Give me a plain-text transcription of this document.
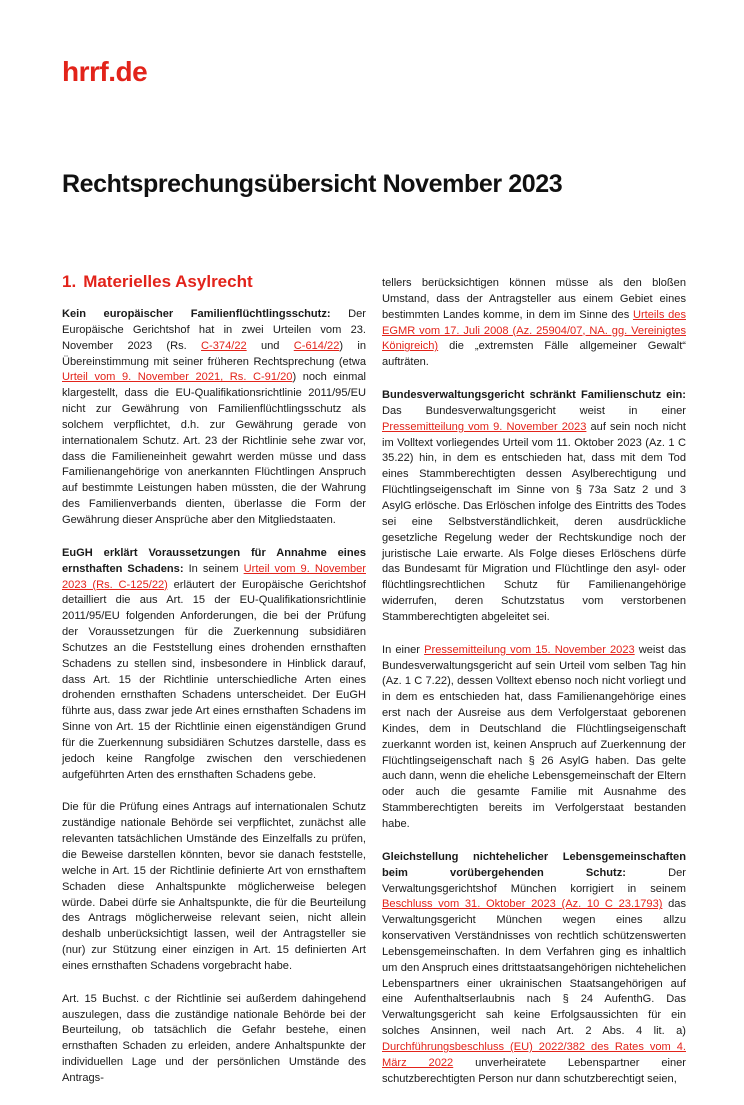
hrrf.de
Rechtsprechungsübersicht November 2023
1. Materielles Asylrecht

Kein europäischer Familienflüchtlingsschutz: Der Europäische Gerichtshof hat in zwei Urteilen vom 23. November 2023 (Rs. C-374/22 und C-614/22) in Übereinstimmung mit seiner früheren Rechtsprechung (etwa Urteil vom 9. November 2021, Rs. C-91/20) noch einmal klargestellt, dass die EU-Qualifikationsrichtlinie 2011/95/EU nicht zur Gewährung von Familienflüchtlingsschutz als solchem verpflichtet, d.h. zur Gewährung gerade von internationalem Schutz. Art. 23 der Richtlinie sehe zwar vor, dass die Familieneinheit gewahrt werden müsse und dass Familienangehörige von anerkannten Flüchtlingen Anspruch auf bestimmte Leistungen haben müssten, die der Wahrung des Familienverbands dienten, überlasse die Form der Gewährung dieser Ansprüche aber den Mitgliedstaaten.

EuGH erklärt Voraussetzungen für Annahme eines ernsthaften Schadens: In seinem Urteil vom 9. November 2023 (Rs. C-125/22) erläutert der Europäische Gerichtshof detailliert die aus Art. 15 der EU-Qualifikationsrichtlinie 2011/95/EU folgenden Anforderungen, die bei der Prüfung der Voraussetzungen für die Zuerkennung subsidiären Schutzes an die Feststellung eines drohenden ernsthaften Schadens zu stellen sind, insbesondere in Hinblick darauf, dass Art. 15 der Richtlinie unterschiedliche Arten eines drohenden ernsthaften Schadens unterscheidet. Der EuGH führte aus, dass zwar jede Art eines ernsthaften Schadens im Sinne von Art. 15 der Richtlinie einen eigenständigen Grund für die Zuerkennung subsidiären Schutzes darstelle, dass es jedoch keine Rangfolge zwischen den verschiedenen aufgeführten Arten des ernsthaften Schadens gebe.

Die für die Prüfung eines Antrags auf internationalen Schutz zuständige nationale Behörde sei verpflichtet, zunächst alle relevanten tatsächlichen Umstände des Einzelfalls zu prüfen, die Beweise darstellen könnten, bevor sie danach feststelle, welche in Art. 15 der Richtlinie definierte Art von ernsthaftem Schaden diese Anhaltspunkte möglicherweise belegen würde. Dabei dürfe sie Anhaltspunkte, die für die Beurteilung des Antrags möglicherweise relevant seien, nicht allein deshalb unberücksichtigt lassen, weil der Antragsteller sie (nur) zur Stützung einer einzigen in Art. 15 definierten Art eines ernsthaften Schadens vorgebracht habe.

Art. 15 Buchst. c der Richtlinie sei außerdem dahingehend auszulegen, dass die zuständige nationale Behörde bei der Beurteilung, ob tatsächlich die Gefahr bestehe, einen ernsthaften Schaden zu erleiden, andere Anhaltspunkte der individuellen Lage und der persönlichen Umstände des Antrags-

tellers berücksichtigen können müsse als den bloßen Umstand, dass der Antragsteller aus einem Gebiet eines bestimmten Landes komme, in dem im Sinne des Urteils des EGMR vom 17. Juli 2008 (Az. 25904/07, NA. gg. Vereinigtes Königreich) die „extremsten Fälle allgemeiner Gewalt“ aufträten.

Bundesverwaltungsgericht schränkt Familienschutz ein: Das Bundesverwaltungsgericht weist in einer Pressemitteilung vom 9. November 2023 auf sein noch nicht im Volltext vorliegendes Urteil vom 11. Oktober 2023 (Az. 1 C 35.22) hin, in dem es entschieden hat, dass mit dem Tod eines Stammberechtigten dessen Asylberechtigung und Flüchtlingseigenschaft im Sinne von § 73a Satz 2 und 3 AsylG erlösche. Das Erlöschen infolge des Eintritts des Todes sei eine Selbstverständlichkeit, deren ausdrückliche gesetzliche Regelung weder der Rechtskundige noch der juristische Laie erwarte. Als Folge dieses Erlöschens dürfe das Bundesamt für Migration und Flüchtlinge den asyl- oder flüchtlingsrechtlichen Schutz für Familienangehörige widerrufen, deren Schutzstatus vom verstorbenen Stammberechtigten abgeleitet sei.

In einer Pressemitteilung vom 15. November 2023 weist das Bundesverwaltungsgericht auf sein Urteil vom selben Tag hin (Az. 1 C 7.22), dessen Volltext ebenso noch nicht vorliegt und in dem es entschieden hat, dass Familienangehörige eines erst nach der Ausreise aus dem Verfolgerstaat geborenen Kindes, dem in Deutschland die Flüchtlingseigenschaft zuerkannt worden ist, keinen Anspruch auf Zuerkennung der Flüchtlingseigenschaft nach § 26 AsylG haben. Das gelte auch dann, wenn die eheliche Lebensgemeinschaft der Eltern oder auch die gesamte Familie mit Ausnahme des Stammberechtigten bereits im Verfolgerstaat bestanden habe.

Gleichstellung nichtehelicher Lebensgemeinschaften beim vorübergehenden Schutz: Der Verwaltungsgerichtshof München korrigiert in seinem Beschluss vom 31. Oktober 2023 (Az. 10 C 23.1793) das Verwaltungsgericht München wegen eines allzu konservativen Verständnisses von rechtlich schützenswerten Lebensgemeinschaften. In dem Verfahren ging es inhaltlich um den Anspruch eines drittstaatsangehörigen nichtehelichen Lebenspartners einer ukrainischen Staatsangehörigen auf eine Aufenthaltserlaubnis nach § 24 AufenthG. Das Verwaltungsgericht sah keine Erfolgsaussichten für ein solches Ansinnen, weil nach Art. 2 Abs. 4 lit. a) Durchführungsbeschluss (EU) 2022/382 des Rates vom 4. März 2022 unverheiratete Lebenspartner einer schutzberechtigten Person nur dann schutzberechtigt seien,
